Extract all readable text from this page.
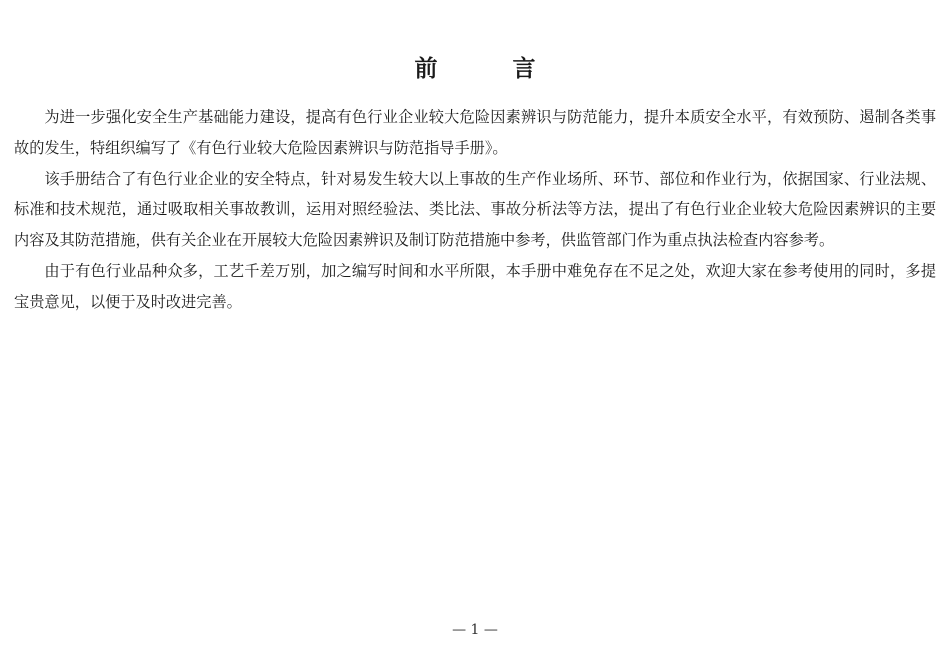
前　言

为进一步强化安全生产基础能力建设，提高有色行业企业较大危险因素辨识与防范能力，提升本质安全水平，有效预防、遏制各类事故的发生，特组织编写了《有色行业较大危险因素辨识与防范指导手册》。

该手册结合了有色行业企业的安全特点，针对易发生较大以上事故的生产作业场所、环节、部位和作业行为，依据国家、行业法规、标准和技术规范，通过吸取相关事故教训，运用对照经验法、类比法、事故分析法等方法，提出了有色行业企业较大危险因素辨识的主要内容及其防范措施，供有关企业在开展较大危险因素辨识及制订防范措施中参考，供监管部门作为重点执法检查内容参考。

由于有色行业品种众多，工艺千差万别，加之编写时间和水平所限，本手册中难免存在不足之处，欢迎大家在参考使用的同时，多提宝贵意见，以便于及时改进完善。

— 1 —
